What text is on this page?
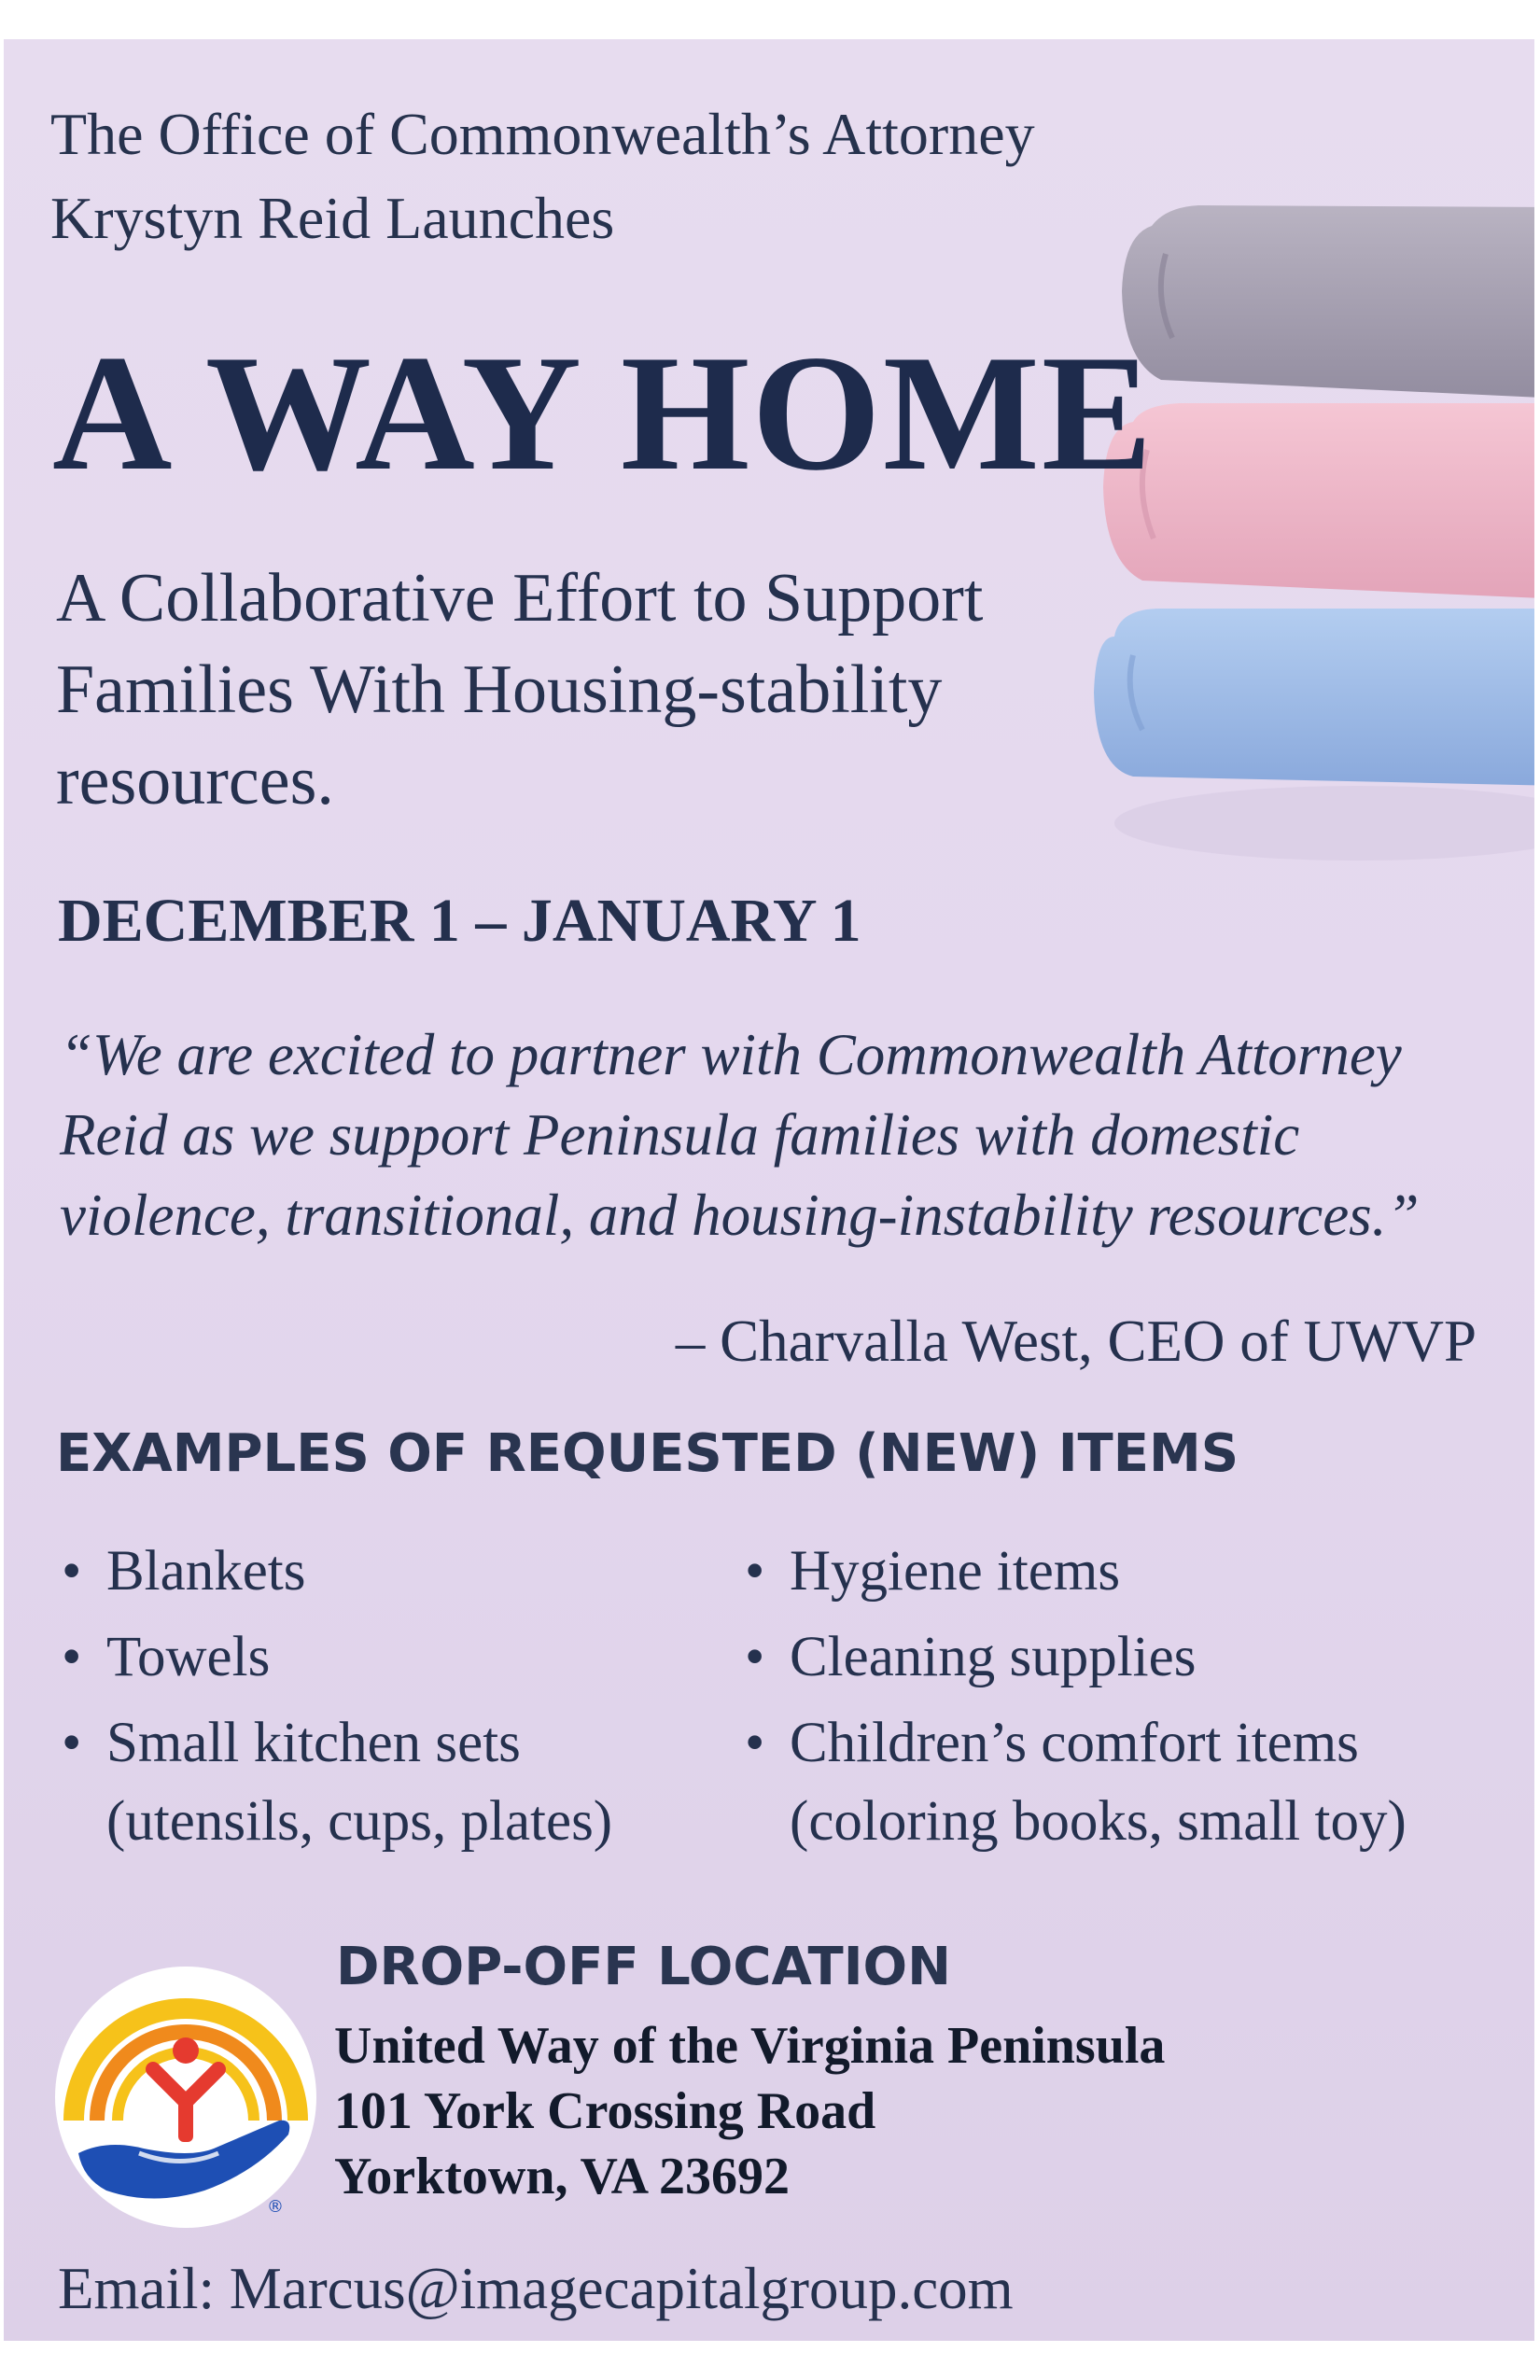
The Office of Commonwealth’s Attorney
Krystyn Reid Launches
A WAY HOME
A Collaborative Effort to Support Families With Housing-stability resources.
DECEMBER 1 – JANUARY 1
“We are excited to partner with Commonwealth Attorney Reid as we support Peninsula families with domestic violence, transitional, and housing-instability resources.”
– Charvalla West, CEO of UWVP
EXAMPLES OF REQUESTED (NEW) ITEMS
• Blankets
• Towels
• Small kitchen sets
(utensils, cups, plates)
• Hygiene items
• Cleaning supplies
• Children’s comfort items
(coloring books, small toy)
DROP-OFF LOCATION
®
United Way of the Virginia Peninsula
101 York Crossing Road
Yorktown, VA 23692
Email: Marcus@imagecapitalgroup.com
